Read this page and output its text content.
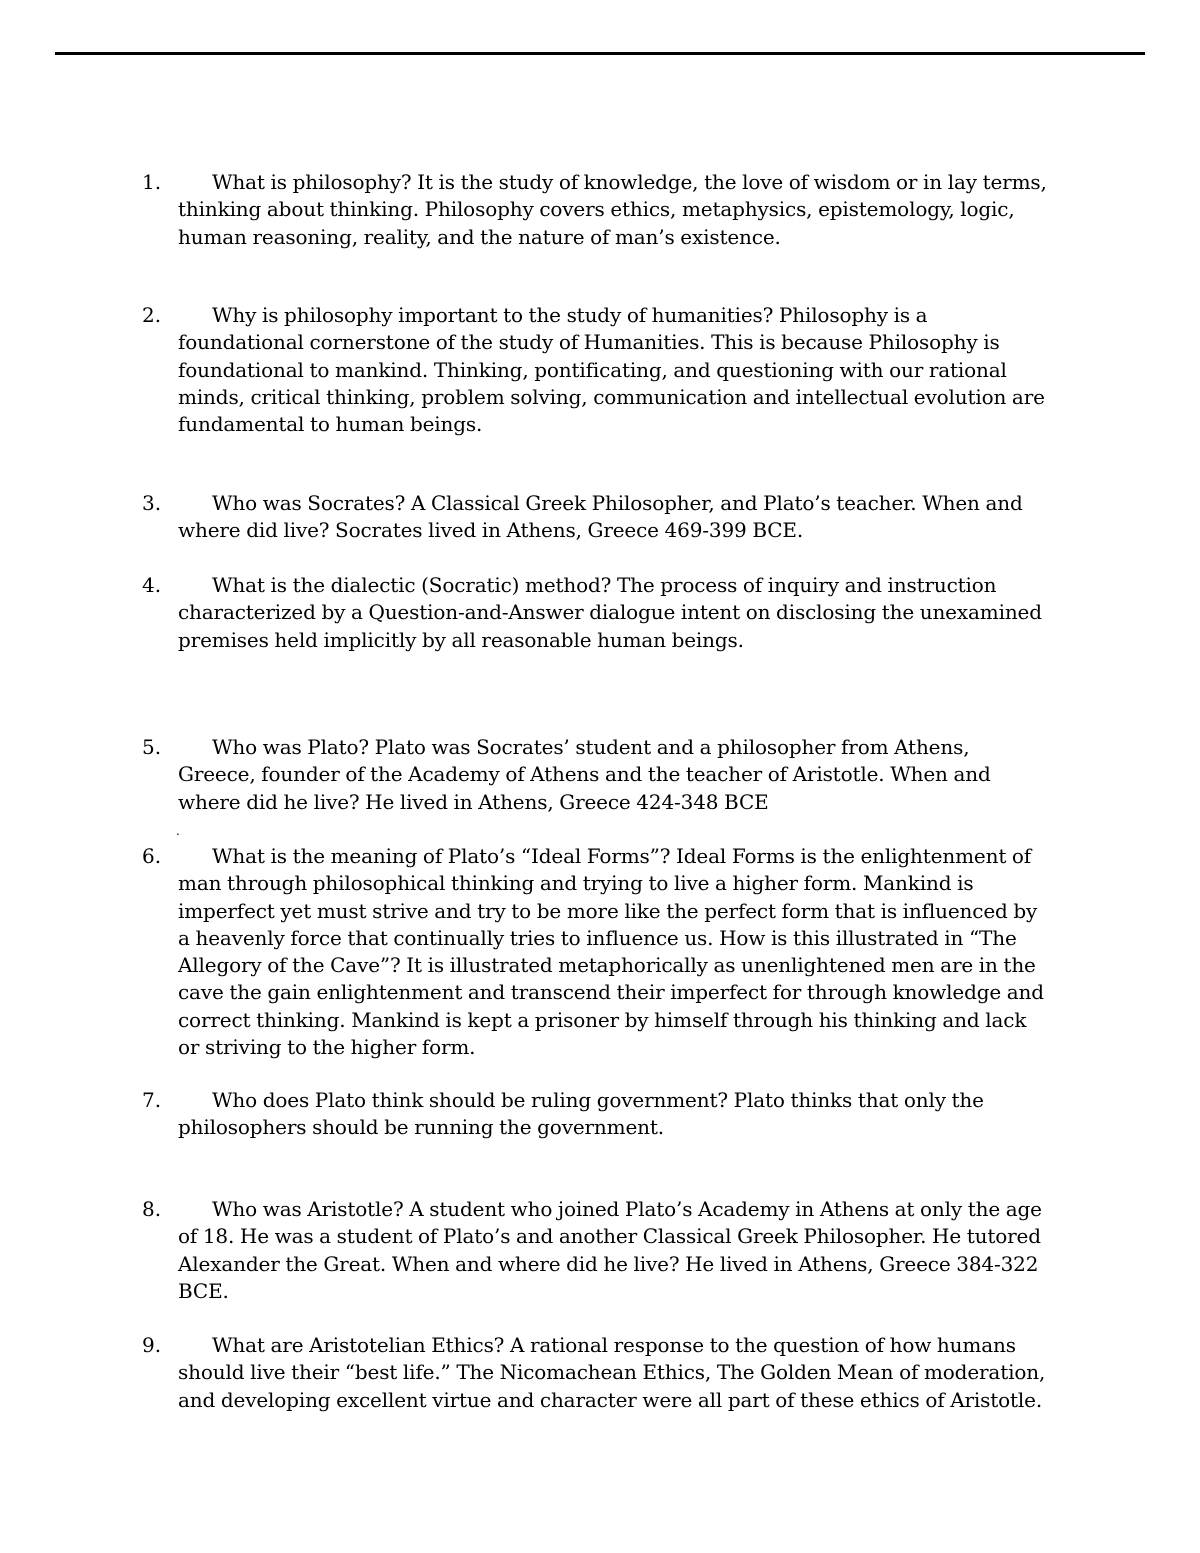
1.	What is philosophy? It is the study of knowledge, the love of wisdom or in lay terms, thinking about thinking. Philosophy covers ethics, metaphysics, epistemology, logic, human reasoning, reality, and the nature of man’s existence.

2.	Why is philosophy important to the study of humanities? Philosophy is a foundational cornerstone of the study of Humanities. This is because Philosophy is foundational to mankind. Thinking, pontificating, and questioning with our rational minds, critical thinking, problem solving, communication and intellectual evolution are fundamental to human beings.

3.	Who was Socrates? A Classical Greek Philosopher, and Plato’s teacher. When and where did live? Socrates lived in Athens, Greece 469-399 BCE.

4.	What is the dialectic (Socratic) method? The process of inquiry and instruction characterized by a Question-and-Answer dialogue intent on disclosing the unexamined premises held implicitly by all reasonable human beings.

5.	Who was Plato? Plato was Socrates’ student and a philosopher from Athens, Greece, founder of the Academy of Athens and the teacher of Aristotle. When and where did he live? He lived in Athens, Greece 424-348 BCE

6.	What is the meaning of Plato’s “Ideal Forms”? Ideal Forms is the enlightenment of man through philosophical thinking and trying to live a higher form. Mankind is imperfect yet must strive and try to be more like the perfect form that is influenced by a heavenly force that continually tries to influence us. How is this illustrated in “The Allegory of the Cave”? It is illustrated metaphorically as unenlightened men are in the cave the gain enlightenment and transcend their imperfect for through knowledge and correct thinking. Mankind is kept a prisoner by himself through his thinking and lack or striving to the higher form.

7.	Who does Plato think should be ruling government? Plato thinks that only the philosophers should be running the government.

8.	Who was Aristotle? A student who joined Plato’s Academy in Athens at only the age of 18. He was a student of Plato’s and another Classical Greek Philosopher. He tutored Alexander the Great. When and where did he live? He lived in Athens, Greece 384-322 BCE.

9.	What are Aristotelian Ethics? A rational response to the question of how humans should live their “best life.” The Nicomachean Ethics, The Golden Mean of moderation, and developing excellent virtue and character were all part of these ethics of Aristotle.

.
